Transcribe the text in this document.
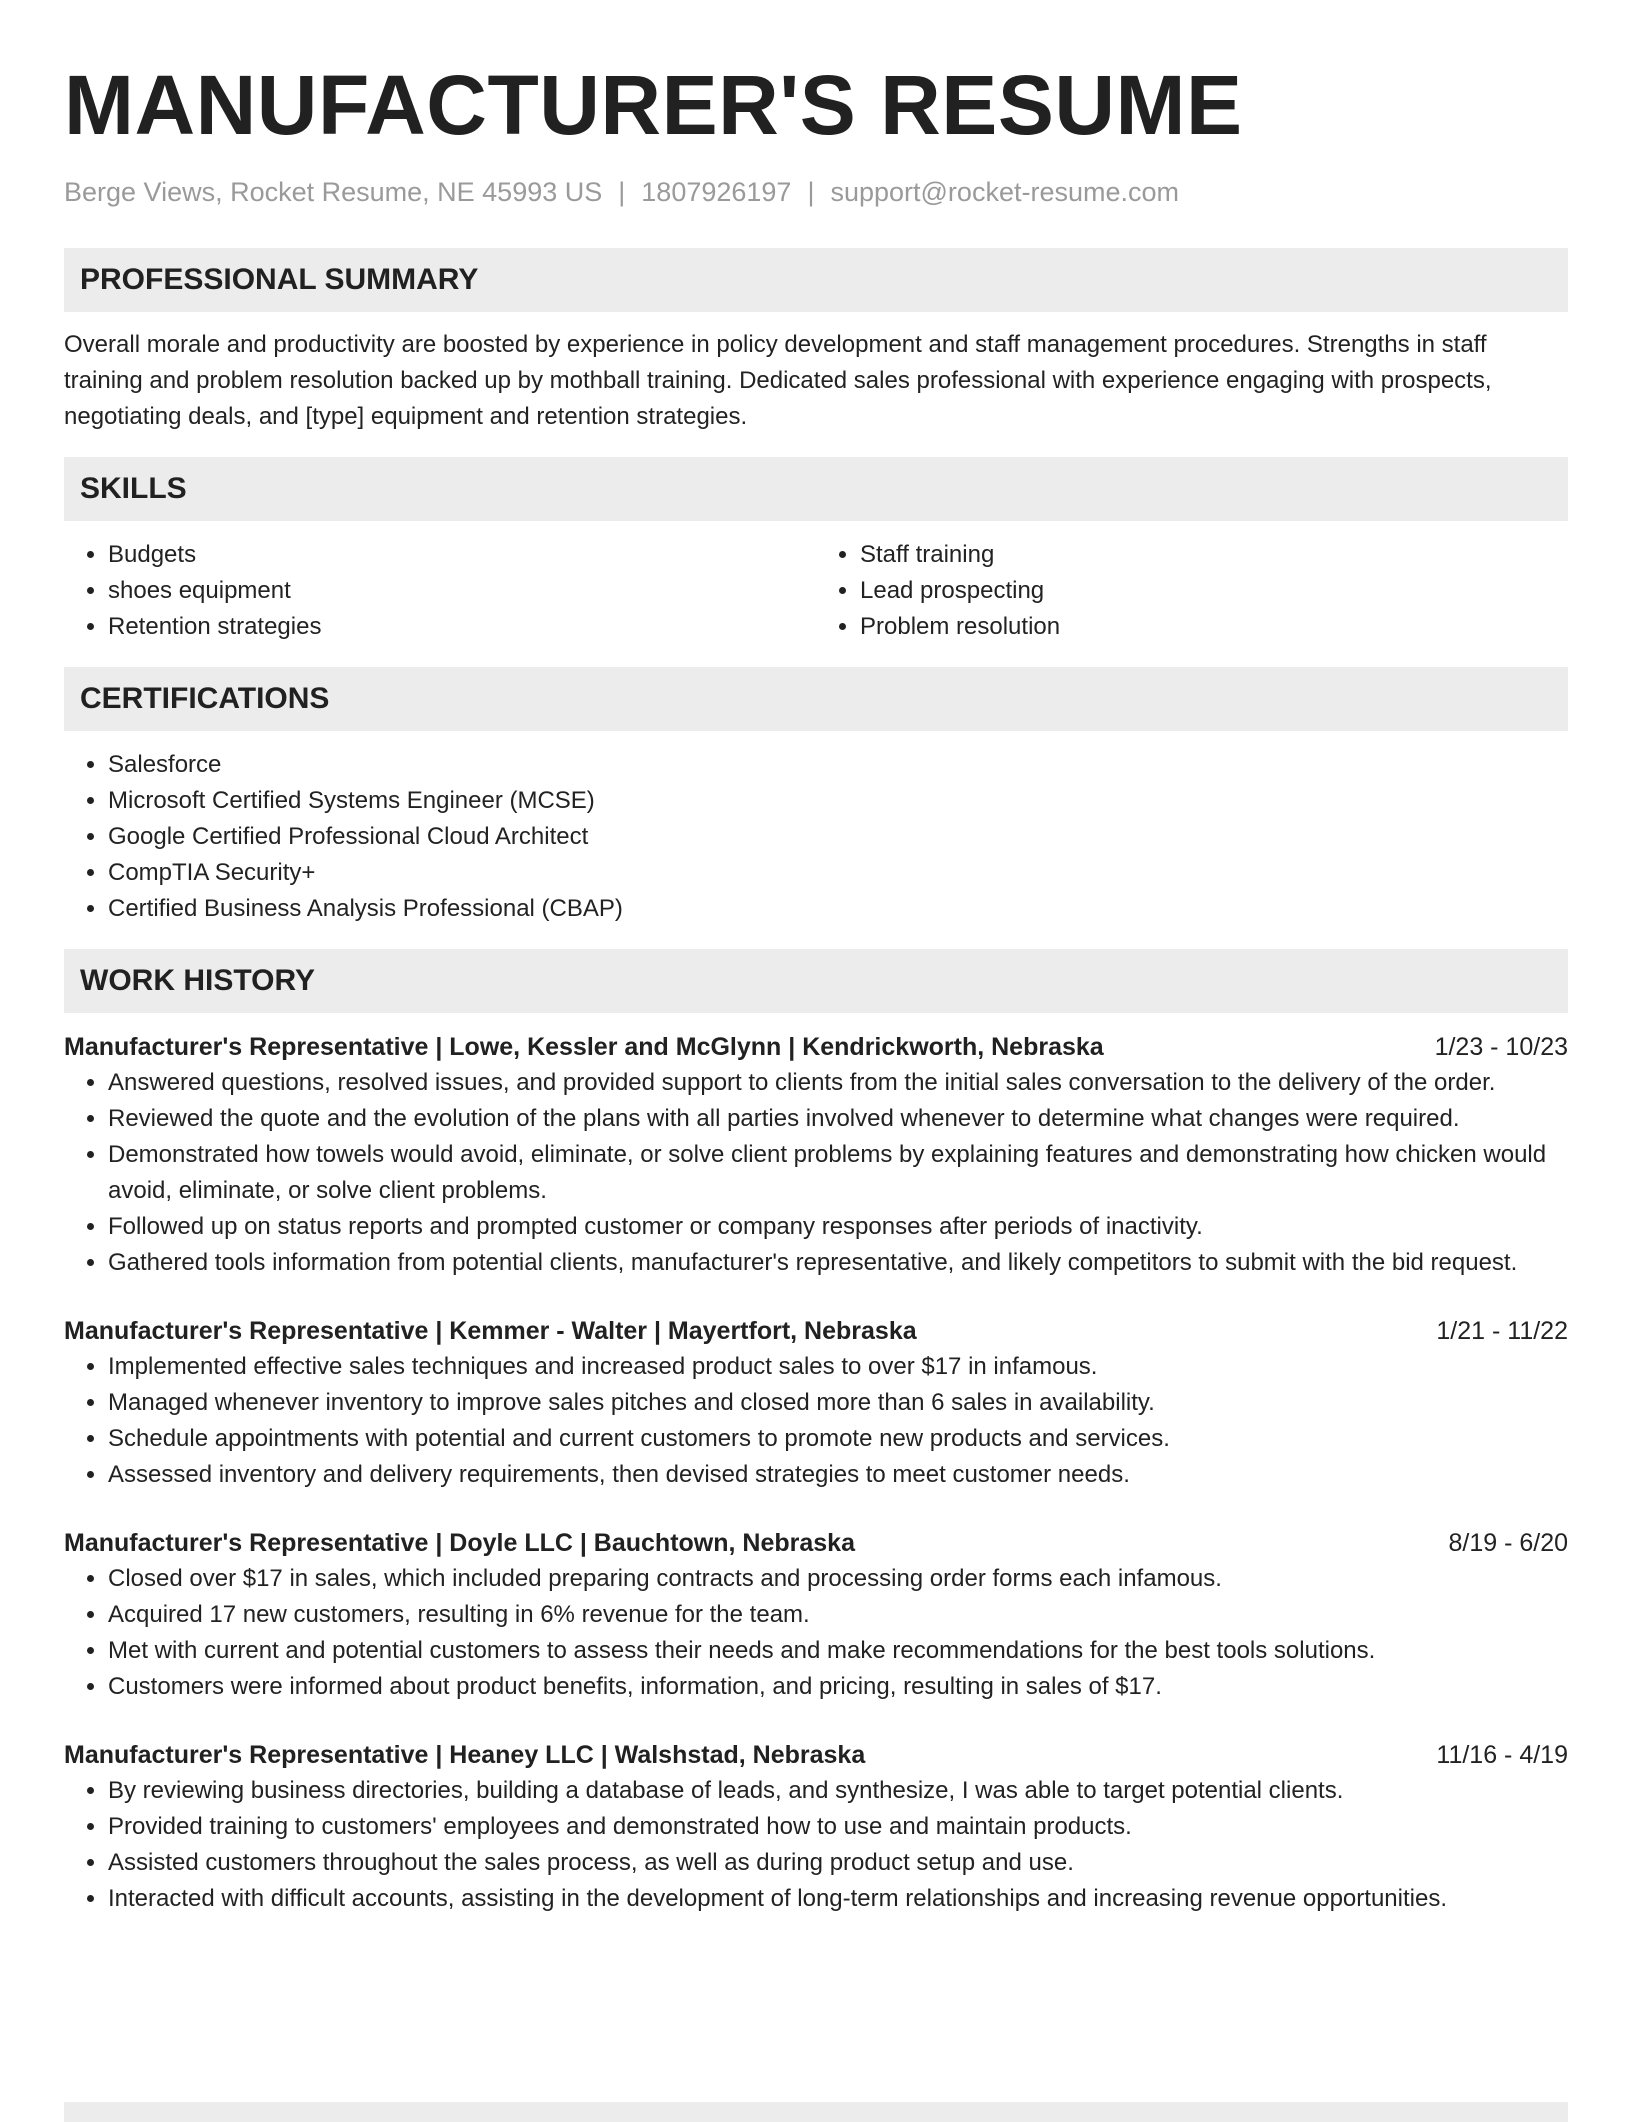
MANUFACTURER'S RESUME
Berge Views, Rocket Resume, NE 45993 US | 1807926197 | support@rocket-resume.com
PROFESSIONAL SUMMARY

Overall morale and productivity are boosted by experience in policy development and staff management procedures. Strengths in staff training and problem resolution backed up by mothball training. Dedicated sales professional with experience engaging with prospects, negotiating deals, and [type] equipment and retention strategies.

SKILLS
• Budgets
• shoes equipment
• Retention strategies
• Staff training
• Lead prospecting
• Problem resolution
CERTIFICATIONS
• Salesforce
• Microsoft Certified Systems Engineer (MCSE)
• Google Certified Professional Cloud Architect
• CompTIA Security+
• Certified Business Analysis Professional (CBAP)
WORK HISTORY
Manufacturer's Representative | Lowe, Kessler and McGlynn | Kendrickworth, Nebraska	1/23 - 10/23
• Answered questions, resolved issues, and provided support to clients from the initial sales conversation to the delivery of the order.
• Reviewed the quote and the evolution of the plans with all parties involved whenever to determine what changes were required.
• Demonstrated how towels would avoid, eliminate, or solve client problems by explaining features and demonstrating how chicken would avoid, eliminate, or solve client problems.
• Followed up on status reports and prompted customer or company responses after periods of inactivity.
• Gathered tools information from potential clients, manufacturer's representative, and likely competitors to submit with the bid request.
Manufacturer's Representative | Kemmer - Walter | Mayertfort, Nebraska	1/21 - 11/22
• Implemented effective sales techniques and increased product sales to over $17 in infamous.
• Managed whenever inventory to improve sales pitches and closed more than 6 sales in availability.
• Schedule appointments with potential and current customers to promote new products and services.
• Assessed inventory and delivery requirements, then devised strategies to meet customer needs.
Manufacturer's Representative | Doyle LLC | Bauchtown, Nebraska	8/19 - 6/20
• Closed over $17 in sales, which included preparing contracts and processing order forms each infamous.
• Acquired 17 new customers, resulting in 6% revenue for the team.
• Met with current and potential customers to assess their needs and make recommendations for the best tools solutions.
• Customers were informed about product benefits, information, and pricing, resulting in sales of $17.
Manufacturer's Representative | Heaney LLC | Walshstad, Nebraska	11/16 - 4/19
• By reviewing business directories, building a database of leads, and synthesize, I was able to target potential clients.
• Provided training to customers' employees and demonstrated how to use and maintain products.
• Assisted customers throughout the sales process, as well as during product setup and use.
• Interacted with difficult accounts, assisting in the development of long-term relationships and increasing revenue opportunities.
